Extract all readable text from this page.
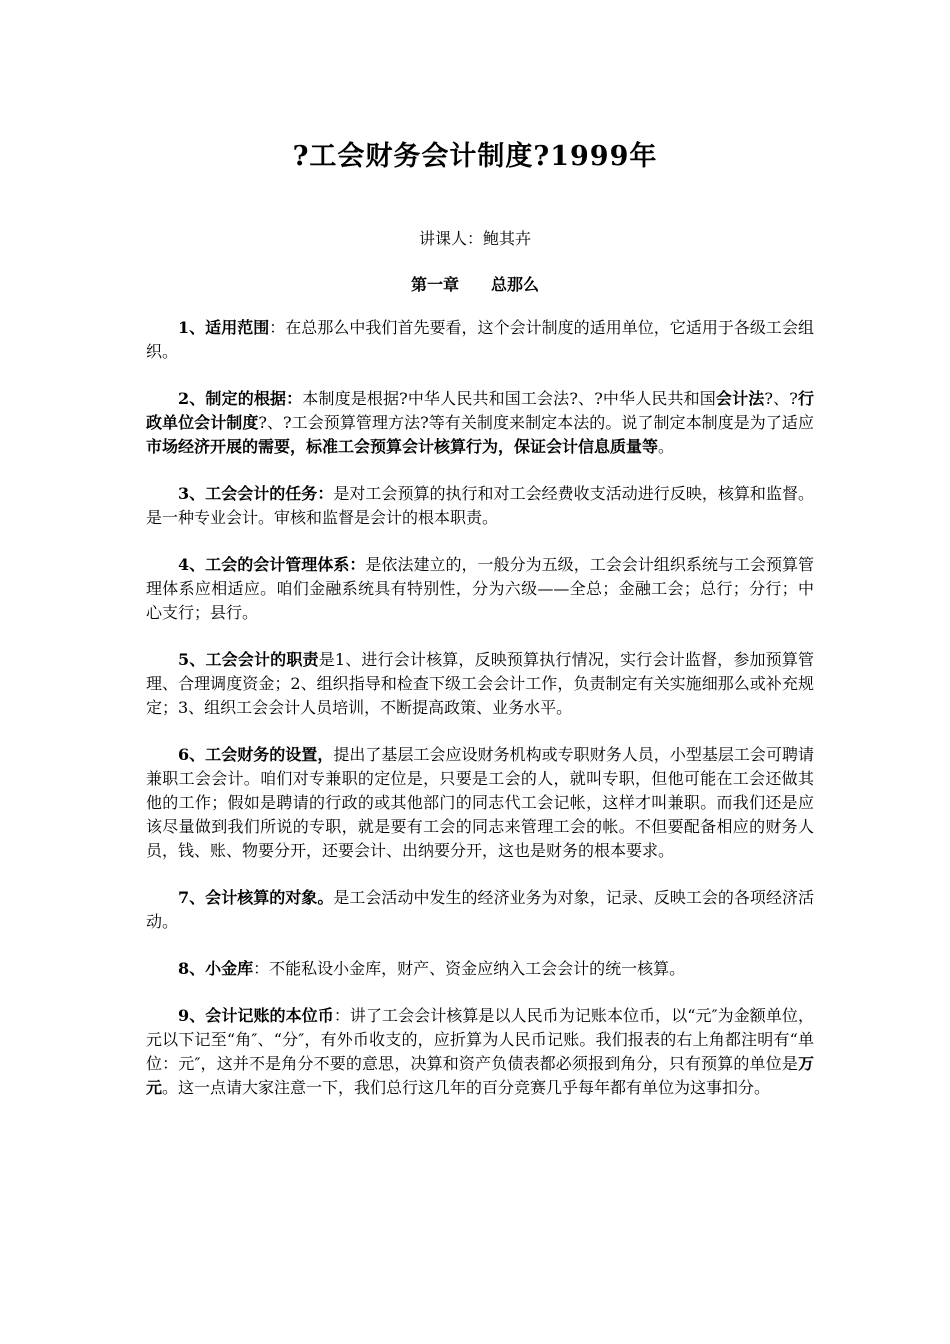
?工会财务会计制度?1999年
讲课人：鲍其卉
第一章　　总那么

1、适用范围：在总那么中我们首先要看，这个会计制度的适用单位，它适用于各级工会组织。

2、制定的根据：本制度是根据?中华人民共和国工会法?、?中华人民共和国会计法?、?行政单位会计制度?、?工会预算管理方法?等有关制度来制定本法的。说了制定本制度是为了适应市场经济开展的需要，标准工会预算会计核算行为，保证会计信息质量等。

3、工会会计的任务：是对工会预算的执行和对工会经费收支活动进行反映，核算和监督。是一种专业会计。审核和监督是会计的根本职责。

4、工会的会计管理体系：是依法建立的，一般分为五级，工会会计组织系统与工会预算管理体系应相适应。咱们金融系统具有特别性，分为六级——全总；金融工会；总行；分行；中心支行；县行。

5、工会会计的职责是1、进行会计核算，反映预算执行情况，实行会计监督，参加预算管理、合理调度资金；2、组织指导和检查下级工会会计工作，负责制定有关实施细那么或补充规定；3、组织工会会计人员培训，不断提高政策、业务水平。

6、工会财务的设置，提出了基层工会应设财务机构或专职财务人员，小型基层工会可聘请兼职工会会计。咱们对专兼职的定位是，只要是工会的人，就叫专职，但他可能在工会还做其他的工作；假如是聘请的行政的或其他部门的同志代工会记帐，这样才叫兼职。而我们还是应该尽量做到我们所说的专职，就是要有工会的同志来管理工会的帐。不但要配备相应的财务人员，钱、账、物要分开，还要会计、出纳要分开，这也是财务的根本要求。

7、会计核算的对象。是工会活动中发生的经济业务为对象，记录、反映工会的各项经济活动。

8、小金库：不能私设小金库，财产、资金应纳入工会会计的统一核算。

9、会计记账的本位币：讲了工会会计核算是以人民币为记账本位币，以“元″为金额单位，元以下记至“角″、“分″，有外币收支的，应折算为人民币记账。我们报表的右上角都注明有“单位：元″，这并不是角分不要的意思，决算和资产负债表都必须报到角分，只有预算的单位是万元。这一点请大家注意一下，我们总行这几年的百分竞赛几乎每年都有单位为这事扣分。
